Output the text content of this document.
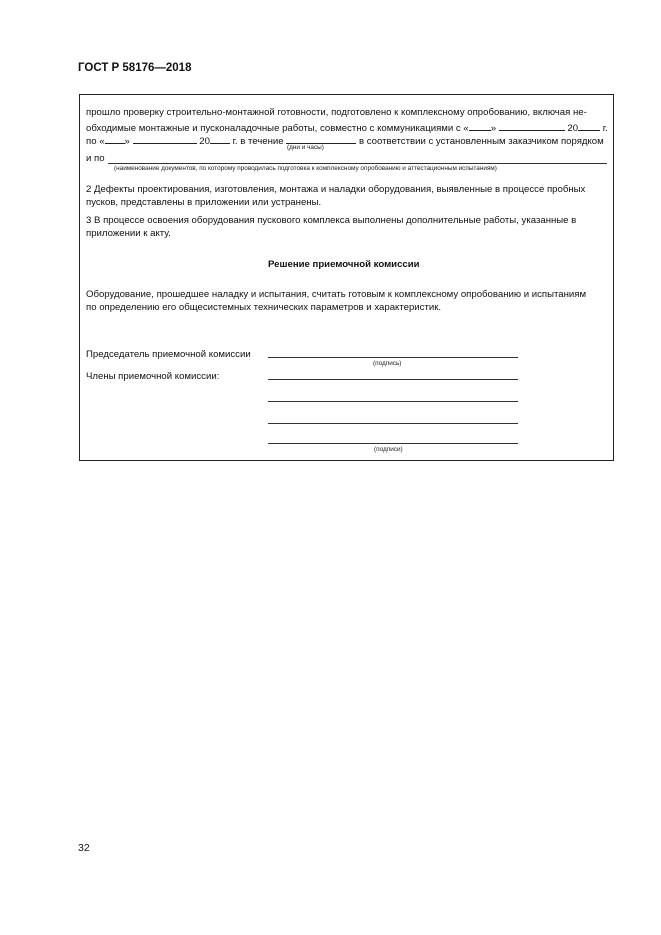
ГОСТ Р 58176—2018
прошло проверку строительно-монтажной готовности, подготовлено к комплексному опробованию, включая не-
обходимые монтажные и пусконаладочные работы, совместно с коммуникациями с « »	20	г.
по « »	20 г. в течение	в соответствии с установленным заказчиком порядком
(дни и часы)
и по
(наименование документов, по которому проводилась подготовка к комплексному опробованию и аттестационным испытаниям)
2 Дефекты проектирования, изготовления, монтажа и наладки оборудования, выявленные в процессе пробных
пусков, представлены в приложении или устранены.
3 В процессе освоения оборудования пускового комплекса выполнены дополнительные работы, указанные в
приложении к акту.
Решение приемочной комиссии
Оборудование, прошедшее наладку и испытания, считать готовым к комплексному опробованию и испытаниям
по определению его общесистемных технических параметров и характеристик.
Председатель приемочной комиссии
(подпись)
Члены приемочной комиссии:
(подписи)
32
